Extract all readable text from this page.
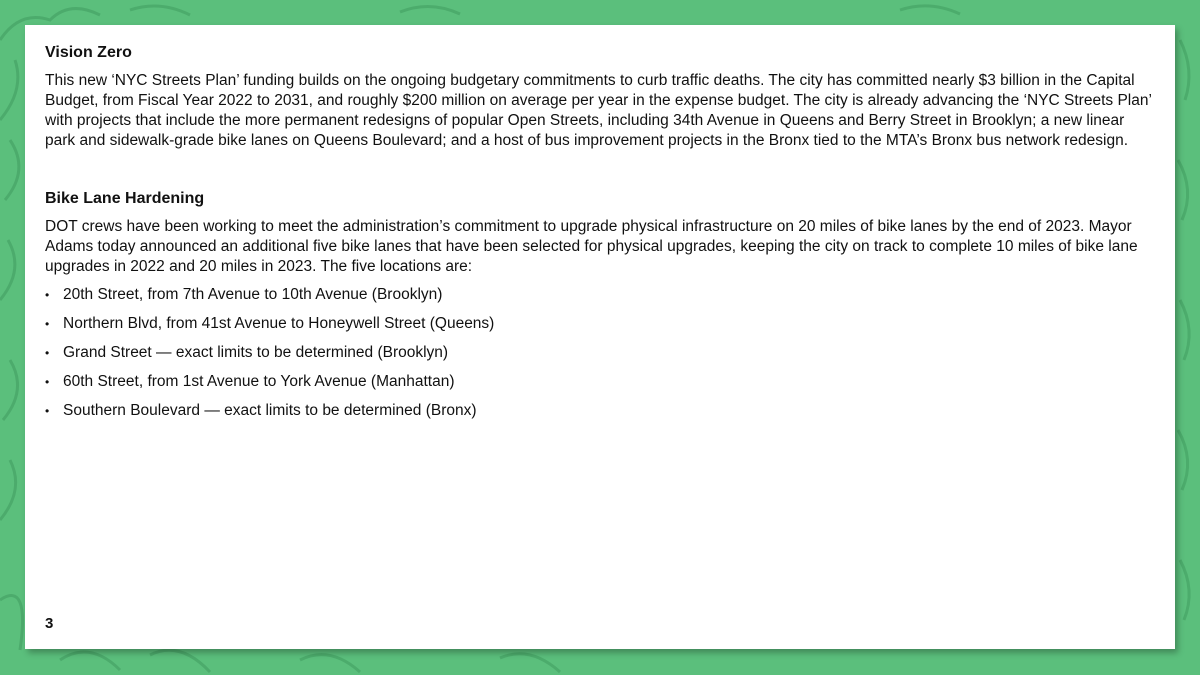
Vision Zero

This new ‘NYC Streets Plan’ funding builds on the ongoing budgetary commitments to curb traffic deaths. The city has committed nearly $3 billion in the Capital Budget, from Fiscal Year 2022 to 2031, and roughly $200 million on average per year in the expense budget. The city is already advancing the ‘NYC Streets Plan’ with projects that include the more permanent redesigns of popular Open Streets, including 34th Avenue in Queens and Berry Street in Brooklyn; a new linear park and sidewalk-grade bike lanes on Queens Boulevard; and a host of bus improvement projects in the Bronx tied to the MTA’s Bronx bus network redesign.

Bike Lane Hardening

DOT crews have been working to meet the administration’s commitment to upgrade physical infrastructure on 20 miles of bike lanes by the end of 2023. Mayor Adams today announced an additional five bike lanes that have been selected for physical upgrades, keeping the city on track to complete 10 miles of bike lane upgrades in 2022 and 20 miles in 2023. The five locations are:

• 20th Street, from 7th Avenue to 10th Avenue (Brooklyn)
• Northern Blvd, from 41st Avenue to Honeywell Street (Queens)
• Grand Street — exact limits to be determined (Brooklyn)
• 60th Street, from 1st Avenue to York Avenue (Manhattan)
• Southern Boulevard — exact limits to be determined (Bronx)
3
